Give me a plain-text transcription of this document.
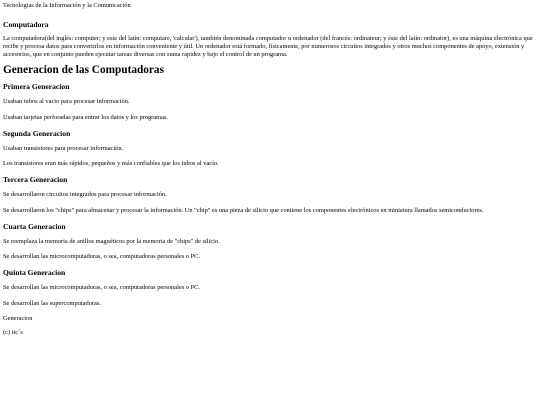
Tecnologias de la Información y la Comunicación
Computadora

La computadora(del inglés: computer; y este del latín: computare, 'calcular'), también denominada computador u ordenador (del francés: ordinateur; y éste del latín: ordinator), es una máquina electrónica que recibe y procesa datos para convertirlos en información conveniente y útil. Un ordenador está formado, físicamente, por numerosos circuitos integrados y otros muchos componentes de apoyo, extensión y accesorios, que en conjunto pueden ejecutar tareas diversas con suma rapidez y bajo el control de un programa.

Generacion de las Computadoras
Primera Generacion

Usaban tubos al vacio para procesar información.

Usaban tarjetas perforadas para entrar los datos y los programas.

Segunda Generacion

Usaban transistores para procesar información.

Los transistores eran más rápidos, pequeños y más confiables que los tubos al vacío.

Tercera Generacion

Se desarrollaron circuitos integrados para procesar información.

Se desarrollaron los "chips" para almacenar y procesar la información. Un "chip" es una pieza de silicio que contiene los componentes electrónicos en miniatura llamados semiconductores.

Cuarta Generacion

Se reemplaza la memoria de anillos magnéticos por la memoria de "chips" de silicio.

Se desarrollan las microcomputadoras, o sea, computadoras personales o PC.

Quinta Generacion

Se desarrollan las microcomputadoras, o sea, computadoras personales o PC.

Se desarrollan las supercomputadoras.

Generacion
(c) tic´s
